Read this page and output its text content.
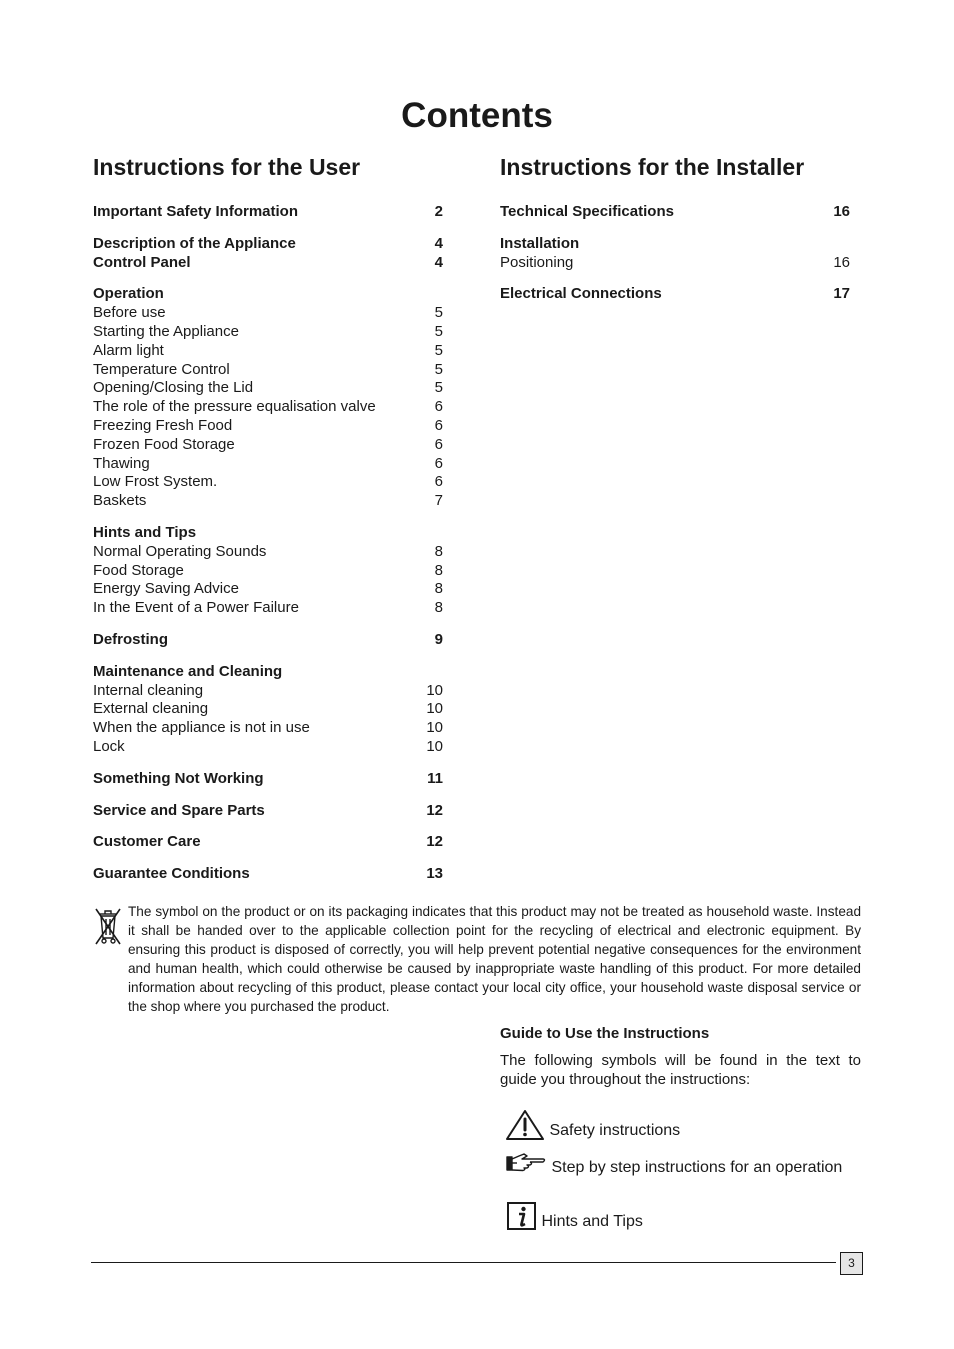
Contents
Instructions for the User	Instructions for the Installer
Important Safety Information	2
Description of the Appliance	4
Control Panel	4
Operation
Before use	5
Starting the Appliance	5
Alarm light	5
Temperature Control	5
Opening/Closing the Lid	5
The role of the pressure equalisation valve	6
Freezing Fresh Food	6
Frozen Food Storage	6
Thawing	6
Low Frost System.	6
Baskets	7
Hints and Tips
Normal Operating Sounds	8
Food Storage	8
Energy Saving Advice	8
In the Event of a Power Failure	8
Defrosting	9
Maintenance and Cleaning
Internal cleaning	10
External cleaning	10
When the appliance is not in use	10
Lock	10
Something Not Working	11
Service and Spare Parts	12
Customer Care	12
Guarantee Conditions	13
Technical Specifications	16
Installation
Positioning	16
Electrical Connections	17

The symbol on the product or on its packaging indicates that this product may not be treated as household waste. Instead it shall be handed over to the applicable collection point for the recycling of electrical and electronic equipment. By ensuring this product is disposed of correctly, you will help prevent potential negative consequences for the environment and human health, which could otherwise be caused by inappropriate waste handling of this product. For more detailed information about recycling of this product, please contact your local city office, your household waste disposal service or the shop where you purchased the product.

Guide to Use the Instructions

The following symbols will be found in the text to guide you throughout the instructions:

Safety instructions
Step by step instructions for an operation
Hints and Tips
3
